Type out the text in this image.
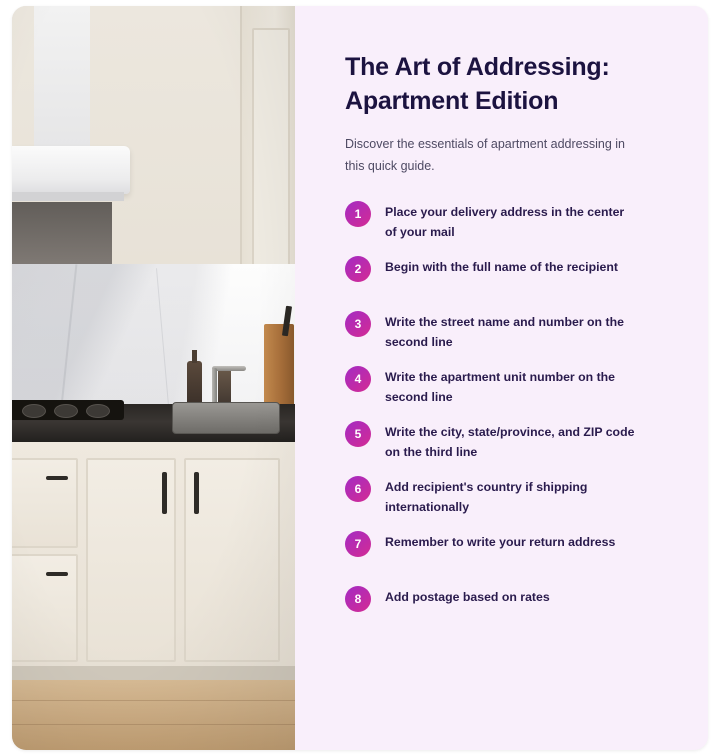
The Art of Addressing: Apartment Edition

Discover the essentials of apartment addressing in this quick guide.

1	Place your delivery address in the center of your mail
2	Begin with the full name of the recipient
3	Write the street name and number on the second line
4	Write the apartment unit number on the second line
5	Write the city, state/province, and ZIP code on the third line
6	Add recipient's country if shipping internationally
7	Remember to write your return address
8	Add postage based on rates
